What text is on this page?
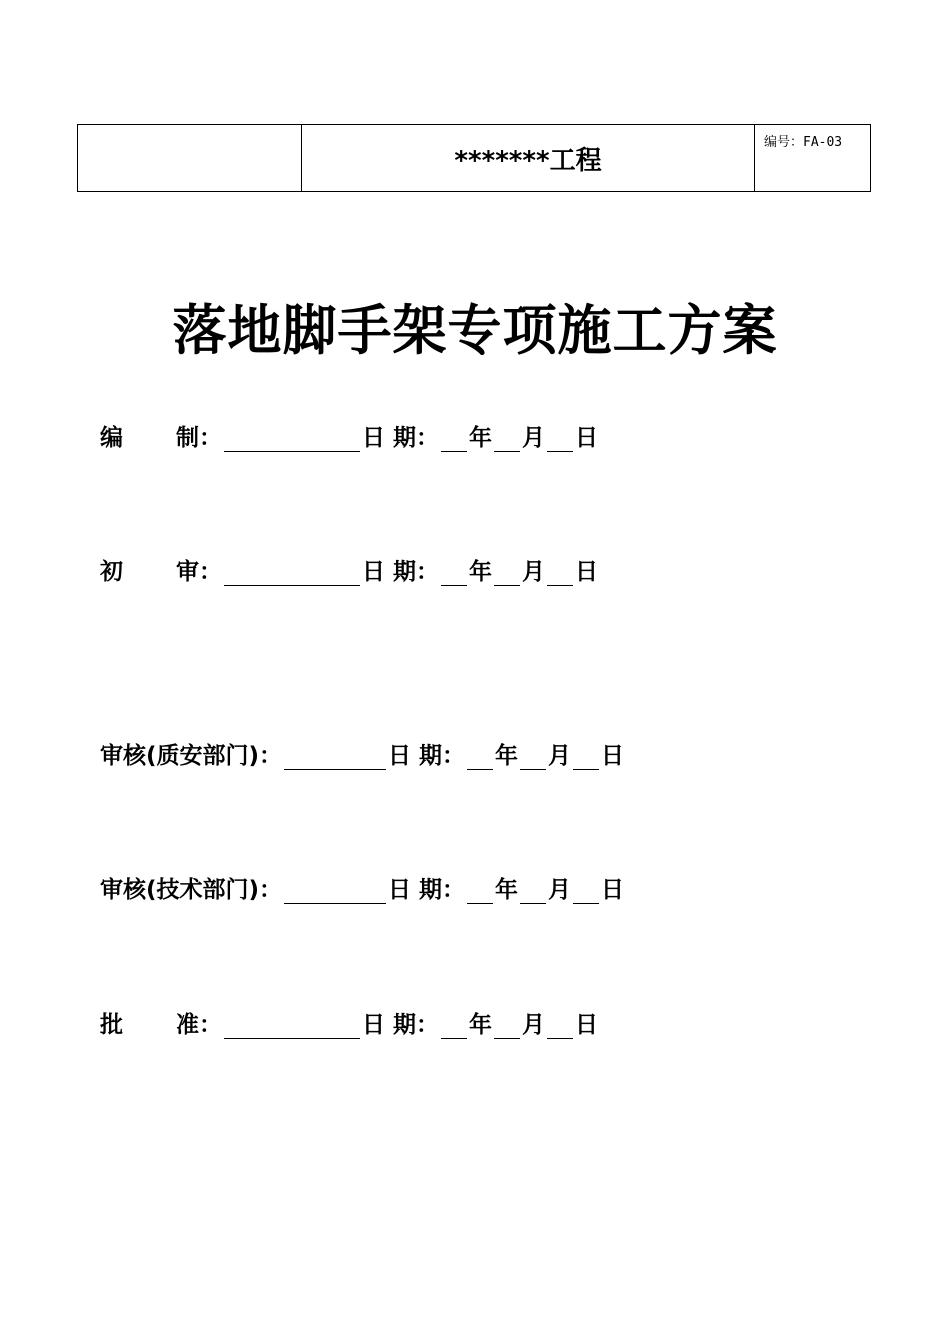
	*******工程	编号：FA-03
落地脚手架专项施工方案
编	制：	日 期： 年 月 日
初	审：	日 期： 年 月 日
审核(质安部门)：	日 期： 年 月 日
审核(技术部门)：	日 期： 年 月 日
批	准：	日 期： 年 月 日
